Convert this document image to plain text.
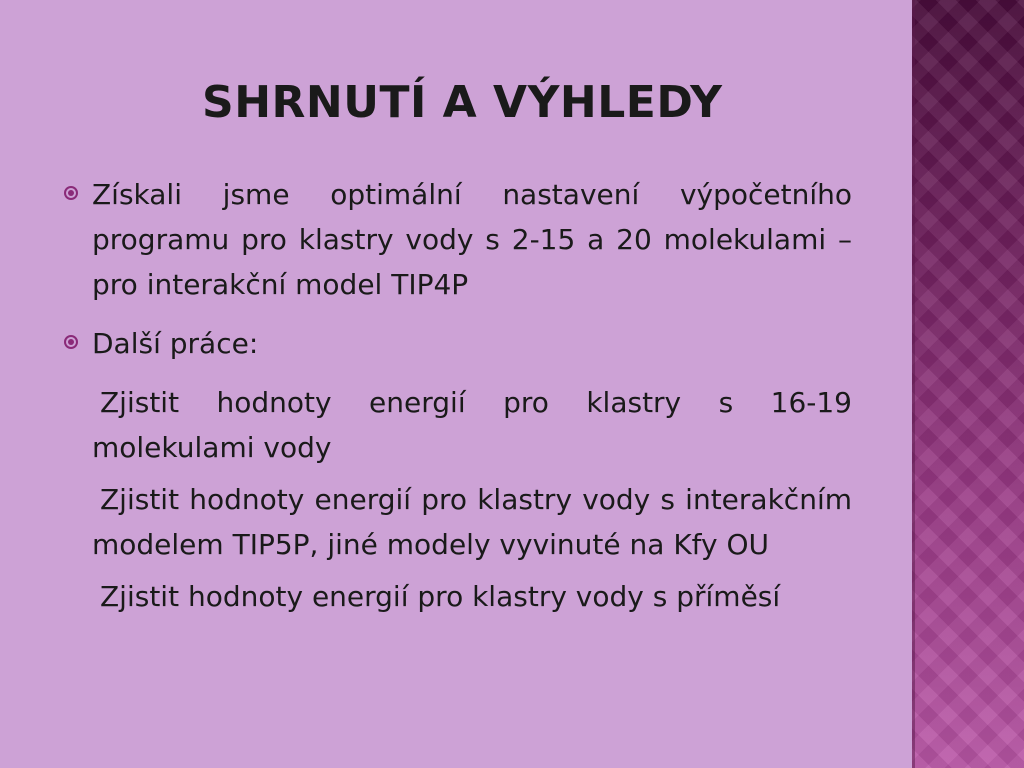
SHRNUTÍ A VÝHLEDY

Získali jsme optimální nastavení výpočetního programu pro klastry vody s 2-15 a 20 molekulami – pro interakční model TIP4P

Další práce:

Zjistit hodnoty energií pro klastry s 16-19 molekulami vody

Zjistit hodnoty energií pro klastry vody s interakčním modelem TIP5P, jiné modely vyvinuté na Kfy OU

Zjistit hodnoty energií pro klastry vody s příměsí
